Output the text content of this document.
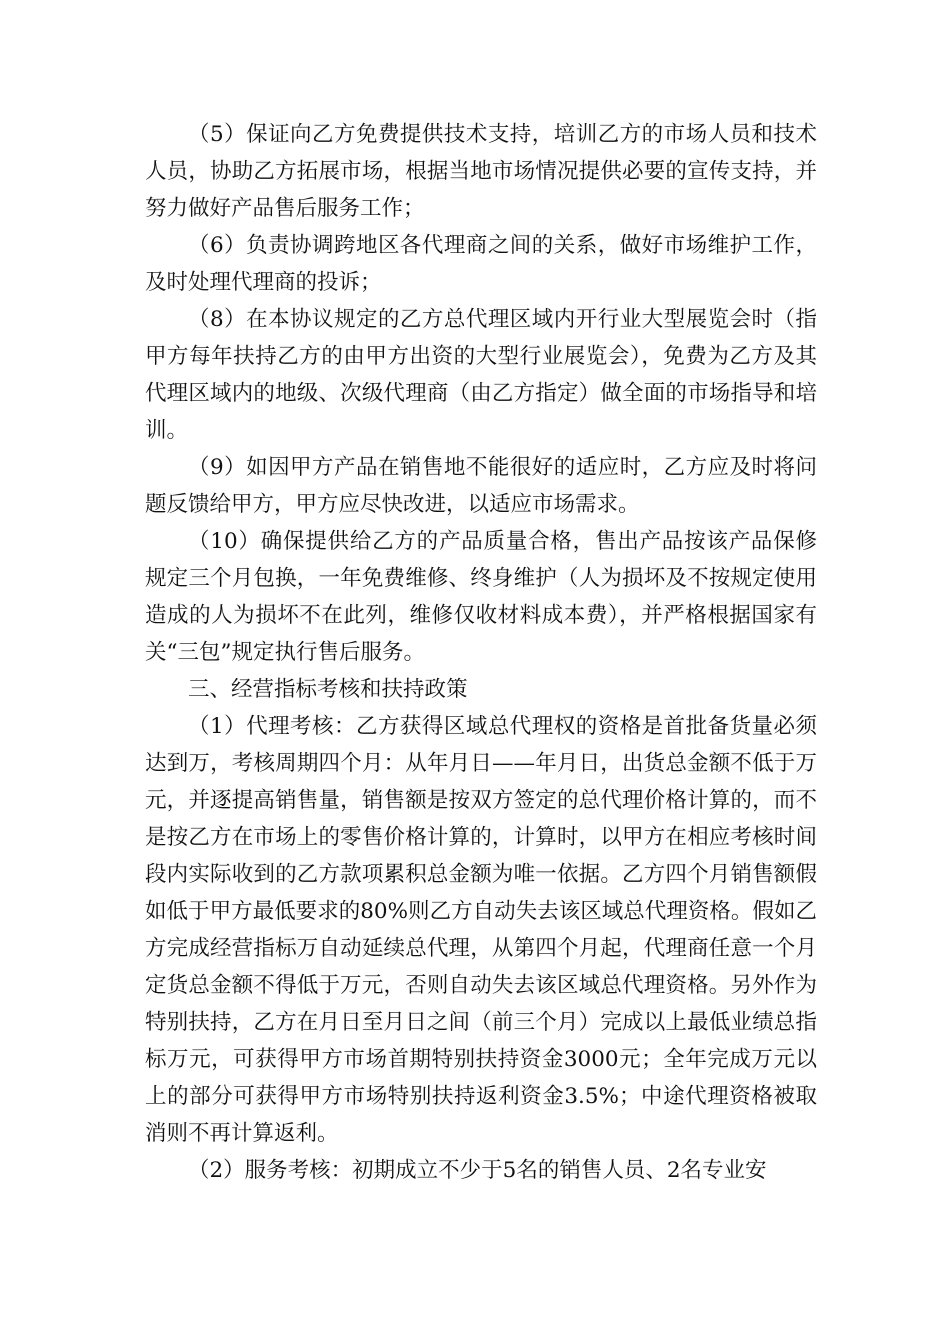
（5）保证向乙方免费提供技术支持，培训乙方的市场人员和技术人员，协助乙方拓展市场，根据当地市场情况提供必要的宣传支持，并努力做好产品售后服务工作；

（6）负责协调跨地区各代理商之间的关系，做好市场维护工作，及时处理代理商的投诉；

（8）在本协议规定的乙方总代理区域内开行业大型展览会时（指甲方每年扶持乙方的由甲方出资的大型行业展览会），免费为乙方及其代理区域内的地级、次级代理商（由乙方指定）做全面的市场指导和培训。

（9）如因甲方产品在销售地不能很好的适应时，乙方应及时将问题反馈给甲方，甲方应尽快改进，以适应市场需求。

（10）确保提供给乙方的产品质量合格，售出产品按该产品保修规定三个月包换，一年免费维修、终身维护（人为损坏及不按规定使用造成的人为损坏不在此列，维修仅收材料成本费），并严格根据国家有关“三包”规定执行售后服务。

三、经营指标考核和扶持政策

（1）代理考核：乙方获得区域总代理权的资格是首批备货量必须达到万，考核周期四个月：从年月日——年月日，出货总金额不低于万元，并逐提高销售量，销售额是按双方签定的总代理价格计算的，而不是按乙方在市场上的零售价格计算的，计算时，以甲方在相应考核时间段内实际收到的乙方款项累积总金额为唯一依据。乙方四个月销售额假如低于甲方最低要求的80%则乙方自动失去该区域总代理资格。假如乙方完成经营指标万自动延续总代理，从第四个月起，代理商任意一个月定货总金额不得低于万元，否则自动失去该区域总代理资格。另外作为特别扶持，乙方在月日至月日之间（前三个月）完成以上最低业绩总指标万元，可获得甲方市场首期特别扶持资金3000元；全年完成万元以上的部分可获得甲方市场特别扶持返利资金3.5%；中途代理资格被取消则不再计算返利。

（2）服务考核：初期成立不少于5名的销售人员、2名专业安
